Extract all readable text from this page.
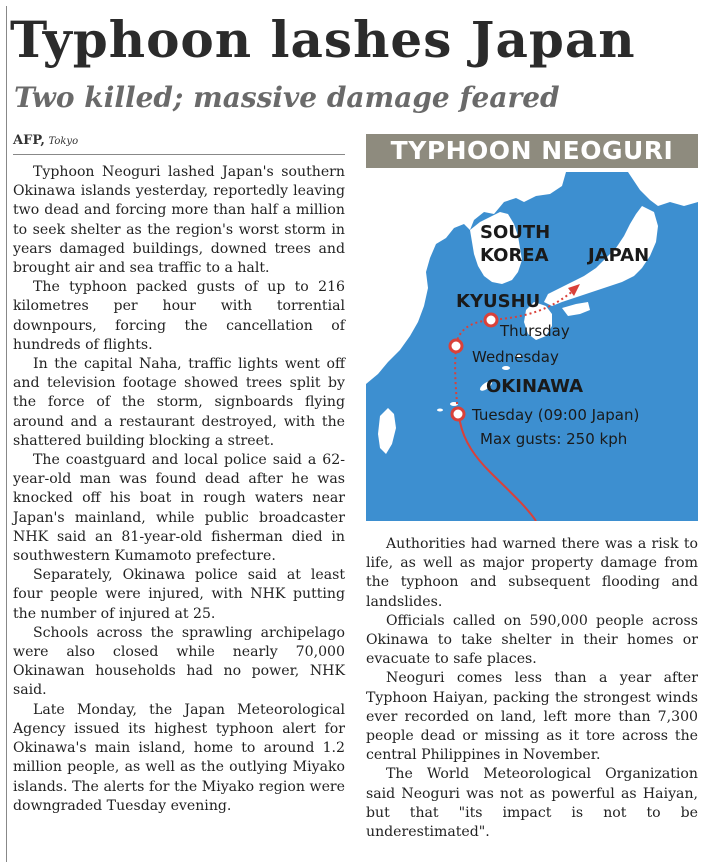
Typhoon lashes Japan
Two killed; massive damage feared
AFP, Tokyo

Typhoon Neoguri lashed Japan's southern Okinawa islands yesterday, reportedly leaving two dead and forcing more than half a million to seek shelter as the region's worst storm in years damaged buildings, downed trees and brought air and sea traffic to a halt.

The typhoon packed gusts of up to 216 kilometres per hour with torrential downpours, forcing the cancellation of hundreds of flights.

In the capital Naha, traffic lights went off and television footage showed trees split by the force of the storm, signboards flying around and a restaurant destroyed, with the shattered building blocking a street.

The coastguard and local police said a 62-year-old man was found dead after he was knocked off his boat in rough waters near Japan's mainland, while public broadcaster NHK said an 81-year-old fisherman died in southwestern Kumamoto prefecture.

Separately, Okinawa police said at least four people were injured, with NHK putting the number of injured at 25.

Schools across the sprawling archipelago were also closed while nearly 70,000 Okinawan households had no power, NHK said.

Late Monday, the Japan Meteorological Agency issued its highest typhoon alert for Okinawa's main island, home to around 1.2 million people, as well as the outlying Miyako islands. The alerts for the Miyako region were downgraded Tuesday evening.

TYPHOON NEOGURI
SOUTH
KOREA JAPAN
KYUSHU
Thursday
Wednesday
OKINAWA
Tuesday (09:00 Japan)
Max gusts: 250 kph

Authorities had warned there was a risk to life, as well as major property damage from the typhoon and subsequent flooding and landslides.

Officials called on 590,000 people across Okinawa to take shelter in their homes or evacuate to safe places.

Neoguri comes less than a year after Typhoon Haiyan, packing the strongest winds ever recorded on land, left more than 7,300 people dead or missing as it tore across the central Philippines in November.

The World Meteorological Organization said Neoguri was not as powerful as Haiyan, but that "its impact is not to be underestimated".
